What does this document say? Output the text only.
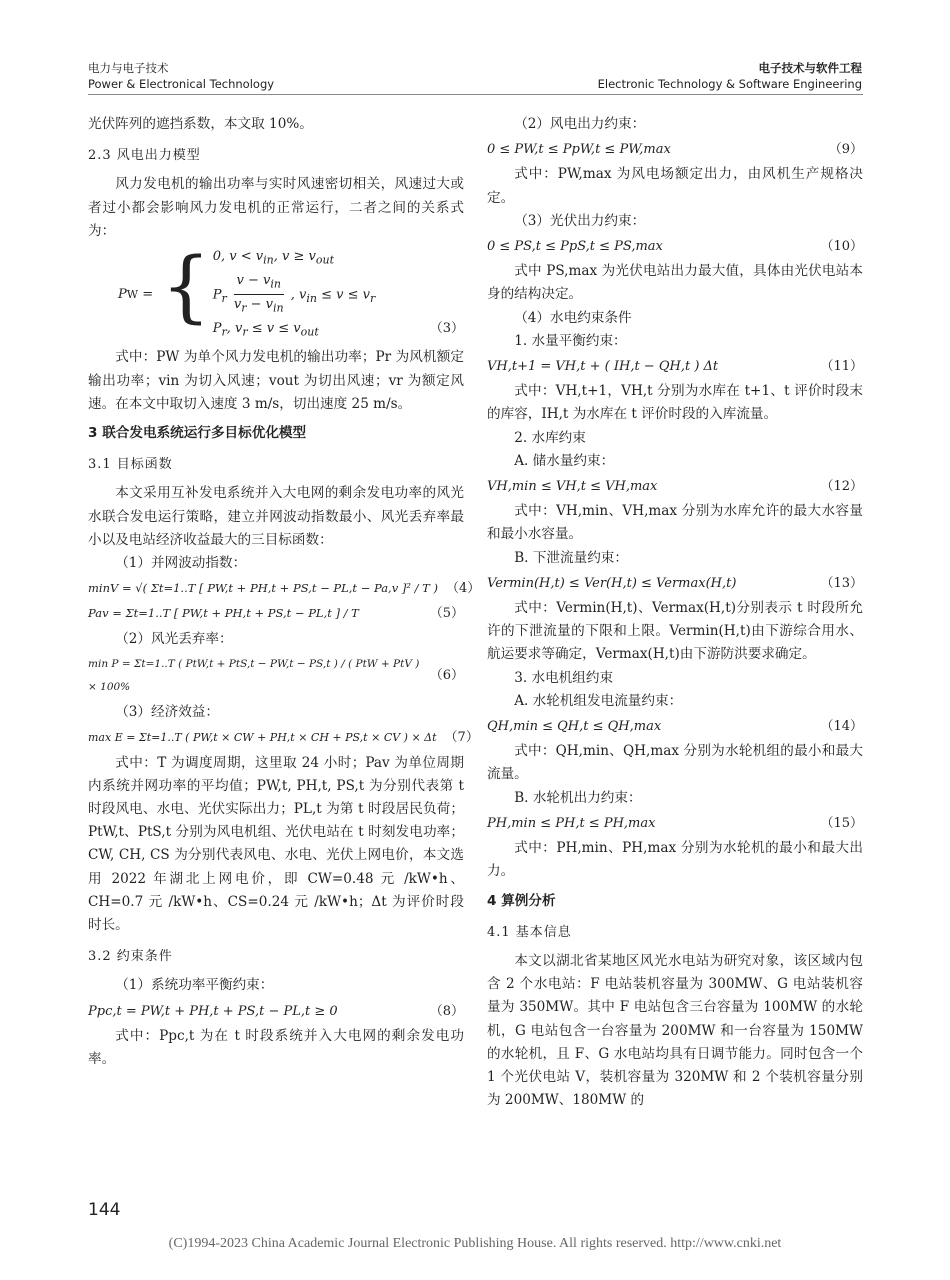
电力与电子技术
Power & Electronical Technology
电子技术与软件工程
Electronic Technology & Software Engineering

光伏阵列的遮挡系数，本文取 10%。

2.3 风电出力模型

风力发电机的输出功率与实时风速密切相关，风速过大或者过小都会影响风力发电机的正常运行，二者之间的关系式为：

P W = { 0, $v < v_{in}$, $v \ge v_{out}$
$P_r \frac{v - v_{in}}{v_r - v_{in}}$ , $v_{in} \le v \le v_r$
$P_r$, $v_r \le v \le v_{out}$	（3）

式中：PW 为单个风力发电机的输出功率；Pr 为风机额定输出功率；vin 为切入风速；vout 为切出风速；vr 为额定风速。在本文中取切入速度 3 m/s，切出速度 25 m/s。

3 联合发电系统运行多目标优化模型
3.1 目标函数

本文采用互补发电系统并入大电网的剩余发电功率的风光水联合发电运行策略，建立并网波动指数最小、风光丢弃率最小以及电站经济收益最大的三目标函数：

（1）并网波动指数：

minV = √( Σt=1..T [ PW,t + PH,t + PS,t − PL,t − Pa,v ]² / T ) （4）
Pav = Σt=1..T [ PW,t + PH,t + PS,t − PL,t ] / T	（5）

（2）风光丢弃率：

min P = Σt=1..T ( PtW,t + PtS,t − PW,t − PS,t ) / ( PtW + PtV ) × 100%
（6）

（3）经济效益：

max E = Σt=1..T ( PW,t × CW + PH,t × CH + PS,t × CV ) × Δt （7）

式中：T 为调度周期，这里取 24 小时；Pav 为单位周期内系统并网功率的平均值；PW,t, PH,t, PS,t 为分别代表第 t 时段风电、水电、光伏实际出力；PL,t 为第 t 时段居民负荷；PtW,t、PtS,t 分别为风电机组、光伏电站在 t 时刻发电功率；CW, CH, CS 为分别代表风电、水电、光伏上网电价，本文选用 2022 年湖北上网电价，即 CW=0.48 元 /kW•h、CH=0.7 元 /kW•h、CS=0.24 元 /kW•h；Δt 为评价时段时长。

3.2 约束条件

（1）系统功率平衡约束：

Ppc,t = PW,t + PH,t + PS,t − PL,t ≥ 0	（8）

式中：Ppc,t 为在 t 时段系统并入大电网的剩余发电功率。

（2）风电出力约束：

0 ≤ PW,t ≤ PpW,t ≤ PW,max	（9）

式中：PW,max 为风电场额定出力，由风机生产规格决定。

（3）光伏出力约束：

0 ≤ PS,t ≤ PpS,t ≤ PS,max	（10）

式中 PS,max 为光伏电站出力最大值，具体由光伏电站本身的结构决定。

（4）水电约束条件

1. 水量平衡约束：

VH,t+1 = VH,t + ( IH,t − QH,t ) Δt	（11）

式中：VH,t+1，VH,t 分别为水库在 t+1、t 评价时段末的库容，IH,t 为水库在 t 评价时段的入库流量。

2. 水库约束

A. 储水量约束：

VH,min ≤ VH,t ≤ VH,max	（12）

式中：VH,min、VH,max 分别为水库允许的最大水容量和最小水容量。

B. 下泄流量约束：

Vermin(H,t) ≤ Ver(H,t) ≤ Vermax(H,t)	（13）

式中：Vermin(H,t)、Vermax(H,t)分别表示 t 时段所允许的下泄流量的下限和上限。Vermin(H,t)由下游综合用水、航运要求等确定，Vermax(H,t)由下游防洪要求确定。

3. 水电机组约束

A. 水轮机组发电流量约束：

QH,min ≤ QH,t ≤ QH,max	（14）

式中：QH,min、QH,max 分别为水轮机组的最小和最大流量。

B. 水轮机出力约束：

PH,min ≤ PH,t ≤ PH,max	（15）

式中：PH,min、PH,max 分别为水轮机的最小和最大出力。

4 算例分析
4.1 基本信息

本文以湖北省某地区风光水电站为研究对象，该区域内包含 2 个水电站：F 电站装机容量为 300MW、G 电站装机容量为 350MW。其中 F 电站包含三台容量为 100MW 的水轮机，G 电站包含一台容量为 200MW 和一台容量为 150MW 的水轮机，且 F、G 水电站均具有日调节能力。同时包含一个 1 个光伏电站 V，装机容量为 320MW 和 2 个装机容量分别为 200MW、180MW 的

144
(C)1994-2023 China Academic Journal Electronic Publishing House. All rights reserved. http://www.cnki.net
